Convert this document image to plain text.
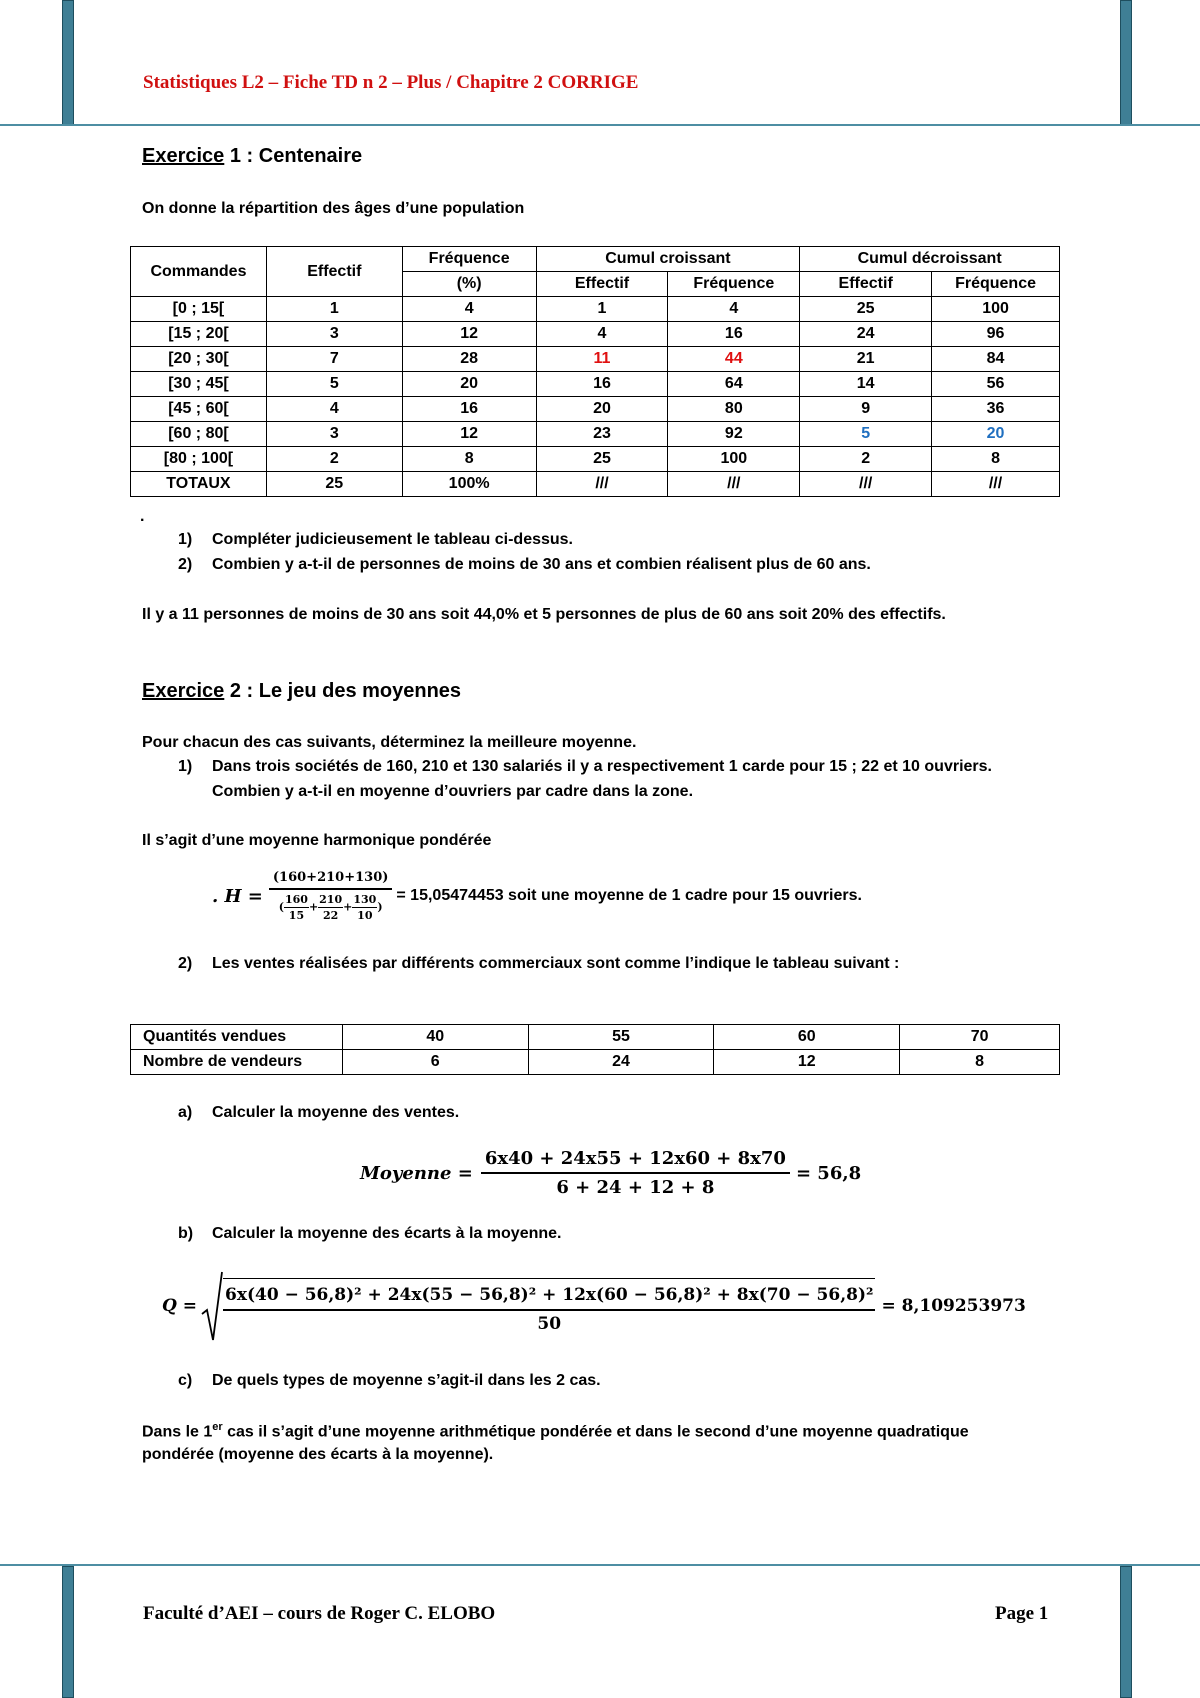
Statistiques L2 – Fiche TD n 2 – Plus / Chapitre 2 CORRIGE
Exercice 1 : Centenaire
On donne la répartition des âges d’une population
Commandes	Effectif	Fréquence	Cumul croissant		Cumul décroissant	
		(%)	Effectif	Fréquence	Effectif	Fréquence
[0 ; 15[	1	4	1	4	25	100
[15 ; 20[	3	12	4	16	24	96
[20 ; 30[	7	28	11	44	21	84
[30 ; 45[	5	20	16	64	14	56
[45 ; 60[	4	16	20	80	9	36
[60 ; 80[	3	12	23	92	5	20
[80 ; 100[	2	8	25	100	2	8
TOTAUX	25	100%	///	///	///	///
.
1) Compléter judicieusement le tableau ci-dessus.
2) Combien y a-t-il de personnes de moins de 30 ans et combien réalisent plus de 60 ans.
Il y a 11 personnes de moins de 30 ans soit 44,0% et 5 personnes de plus de 60 ans soit 20% des effectifs.
Exercice 2 : Le jeu des moyennes
Pour chacun des cas suivants, déterminez la meilleure moyenne.
1) Dans trois sociétés de 160, 210 et 130 salariés il y a respectivement 1 carde pour 15 ; 22 et 10 ouvriers.
Combien y a-t-il en moyenne d’ouvriers par cadre dans la zone.
Il s’agit d’une moyenne harmonique pondérée
. $H = \frac{(160+210+130)}{( \frac{160}{15} + \frac{210}{22} + \frac{130}{10} )} = 15,05474453$ soit une moyenne de 1 cadre pour 15 ouvriers.
2) Les ventes réalisées par différents commerciaux sont comme l’indique le tableau suivant :
Quantités vendues	40	55	60	70
Nombre de vendeurs	6	24	12	8
a) Calculer la moyenne des ventes.
Moyenne = $\frac{6x40 + 24x55 + 12x60 + 8x70}{6 + 24 + 12 + 8} = 56,8$
b) Calculer la moyenne des écarts à la moyenne.
Q =
6x(40 − 56,8)² + 24x(55 − 56,8)² + 12x(60 − 56,8)² + 8x(70 − 56,8)²
50
= 8,109253973
c) De quels types de moyenne s’agit-il dans les 2 cas.
Dans le 1er cas il s’agit d’une moyenne arithmétique pondérée et dans le second d’une moyenne quadratique
pondérée (moyenne des écarts à la moyenne).
Faculté d’AEI – cours de Roger C. ELOBO	Page 1
